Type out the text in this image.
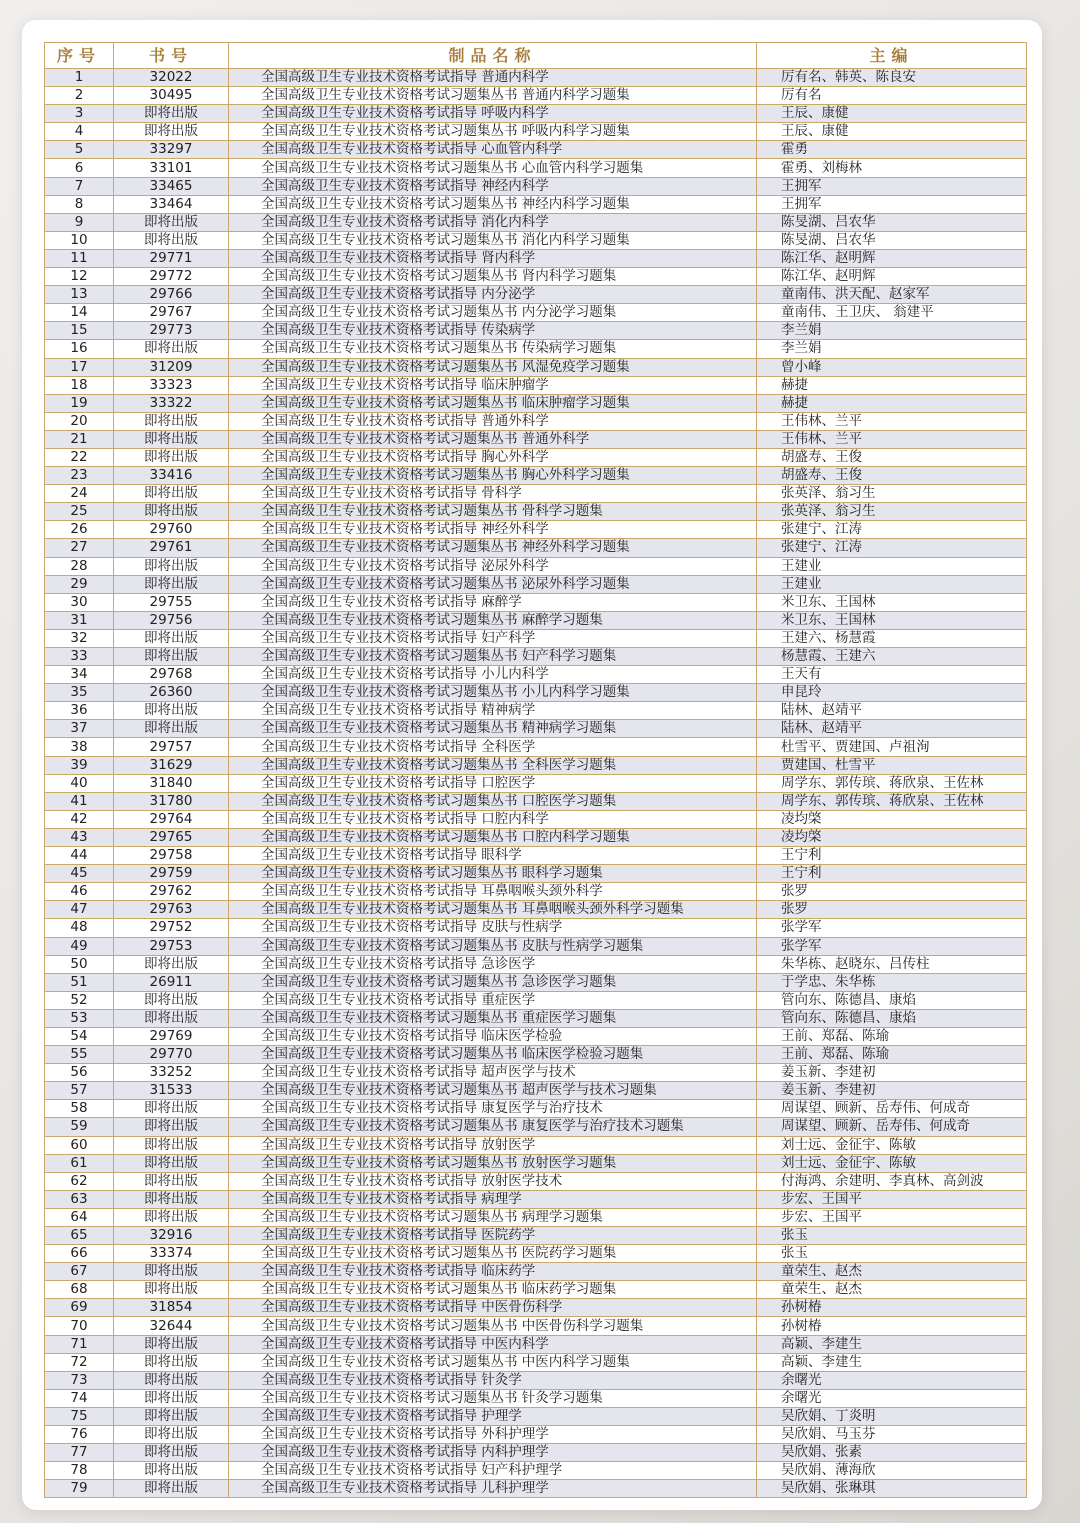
序号	书号	制品名称	主编
1	32022	全国高级卫生专业技术资格考试指导 普通内科学	厉有名、韩英、陈良安
2	30495	全国高级卫生专业技术资格考试习题集丛书 普通内科学习题集	厉有名
3	即将出版	全国高级卫生专业技术资格考试指导 呼吸内科学	王辰、康健
4	即将出版	全国高级卫生专业技术资格考试习题集丛书 呼吸内科学习题集	王辰、康健
5	33297	全国高级卫生专业技术资格考试指导 心血管内科学	霍勇
6	33101	全国高级卫生专业技术资格考试习题集丛书 心血管内科学习题集	霍勇、刘梅林
7	33465	全国高级卫生专业技术资格考试指导 神经内科学	王拥军
8	33464	全国高级卫生专业技术资格考试习题集丛书 神经内科学习题集	王拥军
9	即将出版	全国高级卫生专业技术资格考试指导 消化内科学	陈旻湖、吕农华
10	即将出版	全国高级卫生专业技术资格考试习题集丛书 消化内科学习题集	陈旻湖、吕农华
11	29771	全国高级卫生专业技术资格考试指导 肾内科学	陈江华、赵明辉
12	29772	全国高级卫生专业技术资格考试习题集丛书 肾内科学习题集	陈江华、赵明辉
13	29766	全国高级卫生专业技术资格考试指导 内分泌学	童南伟、洪天配、赵家军
14	29767	全国高级卫生专业技术资格考试习题集丛书 内分泌学习题集	童南伟、王卫庆、 翁建平
15	29773	全国高级卫生专业技术资格考试指导 传染病学	李兰娟
16	即将出版	全国高级卫生专业技术资格考试习题集丛书 传染病学习题集	李兰娟
17	31209	全国高级卫生专业技术资格考试习题集丛书 风湿免疫学习题集	曾小峰
18	33323	全国高级卫生专业技术资格考试指导 临床肿瘤学	赫捷
19	33322	全国高级卫生专业技术资格考试习题集丛书 临床肿瘤学习题集	赫捷
20	即将出版	全国高级卫生专业技术资格考试指导 普通外科学	王伟林、兰平
21	即将出版	全国高级卫生专业技术资格考试习题集丛书 普通外科学	王伟林、兰平
22	即将出版	全国高级卫生专业技术资格考试指导 胸心外科学	胡盛寿、王俊
23	33416	全国高级卫生专业技术资格考试习题集丛书 胸心外科学习题集	胡盛寿、王俊
24	即将出版	全国高级卫生专业技术资格考试指导 骨科学	张英泽、翁习生
25	即将出版	全国高级卫生专业技术资格考试习题集丛书 骨科学习题集	张英泽、翁习生
26	29760	全国高级卫生专业技术资格考试指导 神经外科学	张建宁、江涛
27	29761	全国高级卫生专业技术资格考试习题集丛书 神经外科学习题集	张建宁、江涛
28	即将出版	全国高级卫生专业技术资格考试指导 泌尿外科学	王建业
29	即将出版	全国高级卫生专业技术资格考试习题集丛书 泌尿外科学习题集	王建业
30	29755	全国高级卫生专业技术资格考试指导 麻醉学	米卫东、王国林
31	29756	全国高级卫生专业技术资格考试习题集丛书 麻醉学习题集	米卫东、王国林
32	即将出版	全国高级卫生专业技术资格考试指导 妇产科学	王建六、杨慧霞
33	即将出版	全国高级卫生专业技术资格考试习题集丛书 妇产科学习题集	杨慧霞、王建六
34	29768	全国高级卫生专业技术资格考试指导 小儿内科学	王天有
35	26360	全国高级卫生专业技术资格考试习题集丛书 小儿内科学习题集	申昆玲
36	即将出版	全国高级卫生专业技术资格考试指导 精神病学	陆林、赵靖平
37	即将出版	全国高级卫生专业技术资格考试习题集丛书 精神病学习题集	陆林、赵靖平
38	29757	全国高级卫生专业技术资格考试指导 全科医学	杜雪平、贾建国、卢祖洵
39	31629	全国高级卫生专业技术资格考试习题集丛书 全科医学习题集	贾建国、杜雪平
40	31840	全国高级卫生专业技术资格考试指导 口腔医学	周学东、郭传瑸、蒋欣泉、王佐林
41	31780	全国高级卫生专业技术资格考试习题集丛书 口腔医学习题集	周学东、郭传瑸、蒋欣泉、王佐林
42	29764	全国高级卫生专业技术资格考试指导 口腔内科学	凌均棨
43	29765	全国高级卫生专业技术资格考试习题集丛书 口腔内科学习题集	凌均棨
44	29758	全国高级卫生专业技术资格考试指导 眼科学	王宁利
45	29759	全国高级卫生专业技术资格考试习题集丛书 眼科学习题集	王宁利
46	29762	全国高级卫生专业技术资格考试指导 耳鼻咽喉头颈外科学	张罗
47	29763	全国高级卫生专业技术资格考试习题集丛书 耳鼻咽喉头颈外科学习题集	张罗
48	29752	全国高级卫生专业技术资格考试指导 皮肤与性病学	张学军
49	29753	全国高级卫生专业技术资格考试习题集丛书 皮肤与性病学习题集	张学军
50	即将出版	全国高级卫生专业技术资格考试指导 急诊医学	朱华栋、赵晓东、吕传柱
51	26911	全国高级卫生专业技术资格考试习题集丛书 急诊医学习题集	于学忠、朱华栋
52	即将出版	全国高级卫生专业技术资格考试指导 重症医学	管向东、陈德昌、康焰
53	即将出版	全国高级卫生专业技术资格考试习题集丛书 重症医学习题集	管向东、陈德昌、康焰
54	29769	全国高级卫生专业技术资格考试指导 临床医学检验	王前、郑磊、陈瑜
55	29770	全国高级卫生专业技术资格考试习题集丛书 临床医学检验习题集	王前、郑磊、陈瑜
56	33252	全国高级卫生专业技术资格考试指导 超声医学与技术	姜玉新、李建初
57	31533	全国高级卫生专业技术资格考试习题集丛书 超声医学与技术习题集	姜玉新、李建初
58	即将出版	全国高级卫生专业技术资格考试指导 康复医学与治疗技术	周谋望、顾新、岳寿伟、何成奇
59	即将出版	全国高级卫生专业技术资格考试习题集丛书 康复医学与治疗技术习题集	周谋望、顾新、岳寿伟、何成奇
60	即将出版	全国高级卫生专业技术资格考试指导 放射医学	刘士远、金征宇、陈敏
61	即将出版	全国高级卫生专业技术资格考试习题集丛书 放射医学习题集	刘士远、金征宇、陈敏
62	即将出版	全国高级卫生专业技术资格考试指导 放射医学技术	付海鸿、余建明、李真林、高剑波
63	即将出版	全国高级卫生专业技术资格考试指导 病理学	步宏、王国平
64	即将出版	全国高级卫生专业技术资格考试习题集丛书 病理学习题集	步宏、王国平
65	32916	全国高级卫生专业技术资格考试指导 医院药学	张玉
66	33374	全国高级卫生专业技术资格考试习题集丛书 医院药学习题集	张玉
67	即将出版	全国高级卫生专业技术资格考试指导 临床药学	童荣生、赵杰
68	即将出版	全国高级卫生专业技术资格考试习题集丛书 临床药学习题集	童荣生、赵杰
69	31854	全国高级卫生专业技术资格考试指导 中医骨伤科学	孙树椿
70	32644	全国高级卫生专业技术资格考试习题集丛书 中医骨伤科学习题集	孙树椿
71	即将出版	全国高级卫生专业技术资格考试指导 中医内科学	高颖、李建生
72	即将出版	全国高级卫生专业技术资格考试习题集丛书 中医内科学习题集	高颖、李建生
73	即将出版	全国高级卫生专业技术资格考试指导 针灸学	余曙光
74	即将出版	全国高级卫生专业技术资格考试习题集丛书 针灸学习题集	余曙光
75	即将出版	全国高级卫生专业技术资格考试指导 护理学	吴欣娟、丁炎明
76	即将出版	全国高级卫生专业技术资格考试指导 外科护理学	吴欣娟、马玉芬
77	即将出版	全国高级卫生专业技术资格考试指导 内科护理学	吴欣娟、张素
78	即将出版	全国高级卫生专业技术资格考试指导 妇产科护理学	吴欣娟、薄海欣
79	即将出版	全国高级卫生专业技术资格考试指导 儿科护理学	吴欣娟、张琳琪
